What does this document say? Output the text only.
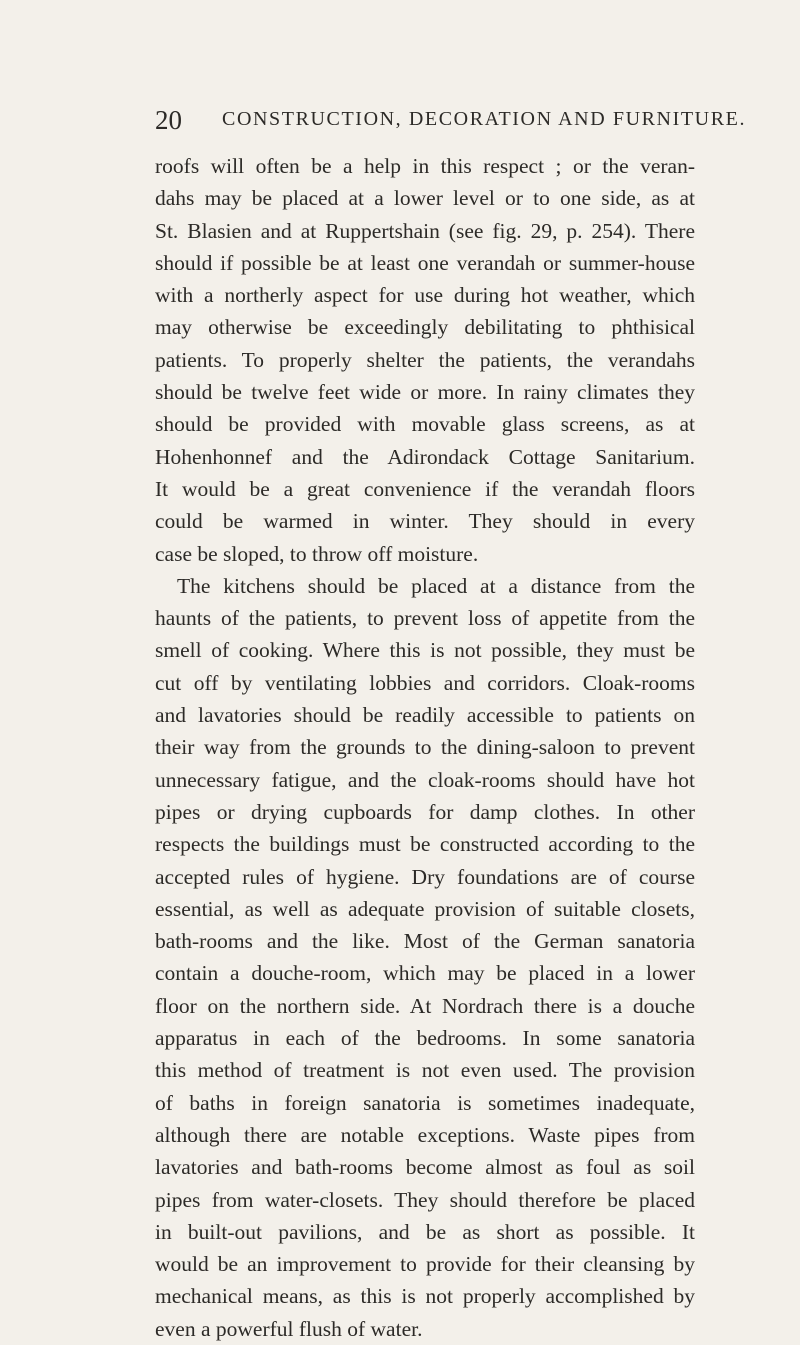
20 CONSTRUCTION, DECORATION AND FURNITURE.
roofs will often be a help in this respect ; or the veran-
dahs may be placed at a lower level or to one side, as at
St. Blasien and at Ruppertshain (see fig. 29, p. 254). There
should if possible be at least one verandah or summer-house
with a northerly aspect for use during hot weather, which
may otherwise be exceedingly debilitating to phthisical
patients. To properly shelter the patients, the verandahs
should be twelve feet wide or more. In rainy climates they
should be provided with movable glass screens, as at
Hohenhonnef and the Adirondack Cottage Sanitarium.
It would be a great convenience if the verandah floors
could be warmed in winter. They should in every
case be sloped, to throw off moisture.
The kitchens should be placed at a distance from the
haunts of the patients, to prevent loss of appetite from the
smell of cooking. Where this is not possible, they must be
cut off by ventilating lobbies and corridors. Cloak-rooms
and lavatories should be readily accessible to patients on
their way from the grounds to the dining-saloon to prevent
unnecessary fatigue, and the cloak-rooms should have hot
pipes or drying cupboards for damp clothes. In other
respects the buildings must be constructed according to the
accepted rules of hygiene. Dry foundations are of course
essential, as well as adequate provision of suitable closets,
bath-rooms and the like. Most of the German sanatoria
contain a douche-room, which may be placed in a lower
floor on the northern side. At Nordrach there is a douche
apparatus in each of the bedrooms. In some sanatoria
this method of treatment is not even used. The provision
of baths in foreign sanatoria is sometimes inadequate,
although there are notable exceptions. Waste pipes from
lavatories and bath-rooms become almost as foul as soil
pipes from water-closets. They should therefore be placed
in built-out pavilions, and be as short as possible. It
would be an improvement to provide for their cleansing by
mechanical means, as this is not properly accomplished by
even a powerful flush of water.
